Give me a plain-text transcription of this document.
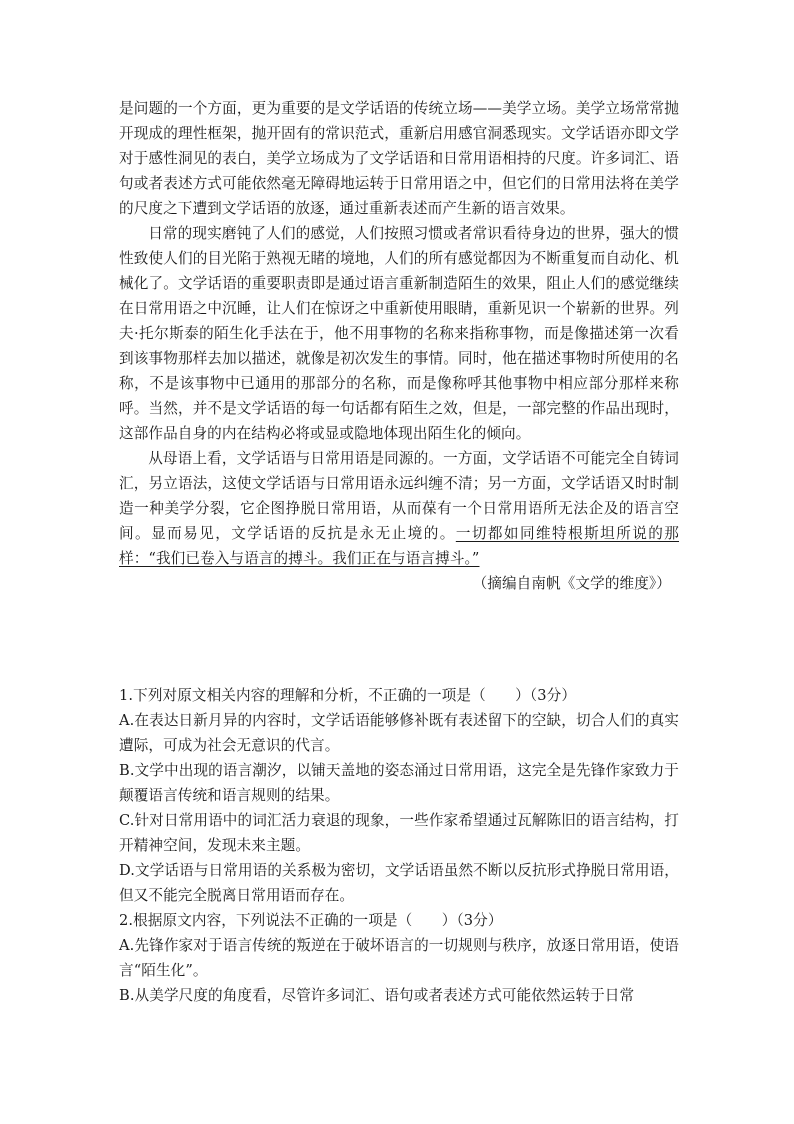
是问题的一个方面，更为重要的是文学话语的传统立场——美学立场。美学立场常常抛开现成的理性框架，抛开固有的常识范式，重新启用感官洞悉现实。文学话语亦即文学对于感性洞见的表白，美学立场成为了文学话语和日常用语相持的尺度。许多词汇、语句或者表述方式可能依然毫无障碍地运转于日常用语之中，但它们的日常用法将在美学的尺度之下遭到文学话语的放逐，通过重新表述而产生新的语言效果。

日常的现实磨钝了人们的感觉，人们按照习惯或者常识看待身边的世界，强大的惯性致使人们的目光陷于熟视无睹的境地，人们的所有感觉都因为不断重复而自动化、机械化了。文学话语的重要职责即是通过语言重新制造陌生的效果，阻止人们的感觉继续在日常用语之中沉睡，让人们在惊讶之中重新使用眼睛，重新见识一个崭新的世界。列夫·托尔斯泰的陌生化手法在于，他不用事物的名称来指称事物，而是像描述第一次看到该事物那样去加以描述，就像是初次发生的事情。同时，他在描述事物时所使用的名称，不是该事物中已通用的那部分的名称，而是像称呼其他事物中相应部分那样来称呼。当然，并不是文学话语的每一句话都有陌生之效，但是，一部完整的作品出现时，这部作品自身的内在结构必将或显或隐地体现出陌生化的倾向。

从母语上看，文学话语与日常用语是同源的。一方面，文学话语不可能完全自铸词汇，另立语法，这使文学话语与日常用语永远纠缠不清；另一方面，文学话语又时时制造一种美学分裂，它企图挣脱日常用语，从而葆有一个日常用语所无法企及的语言空间。显而易见，文学话语的反抗是永无止境的。一切都如同维特根斯坦所说的那样：“我们已卷入与语言的搏斗。我们正在与语言搏斗。”

（摘编自南帆《文学的维度》）

1.下列对原文相关内容的理解和分析，不正确的一项是（　　）（3分）

A.在表达日新月异的内容时，文学话语能够修补既有表述留下的空缺，切合人们的真实遭际，可成为社会无意识的代言。

B.文学中出现的语言潮汐，以铺天盖地的姿态涌过日常用语，这完全是先锋作家致力于颠覆语言传统和语言规则的结果。

C.针对日常用语中的词汇活力衰退的现象，一些作家希望通过瓦解陈旧的语言结构，打开精神空间，发现未来主题。

D.文学话语与日常用语的关系极为密切，文学话语虽然不断以反抗形式挣脱日常用语，但又不能完全脱离日常用语而存在。

2.根据原文内容，下列说法不正确的一项是（　　）（3分）

A.先锋作家对于语言传统的叛逆在于破坏语言的一切规则与秩序，放逐日常用语，使语言“陌生化”。

B.从美学尺度的角度看，尽管许多词汇、语句或者表述方式可能依然运转于日常
